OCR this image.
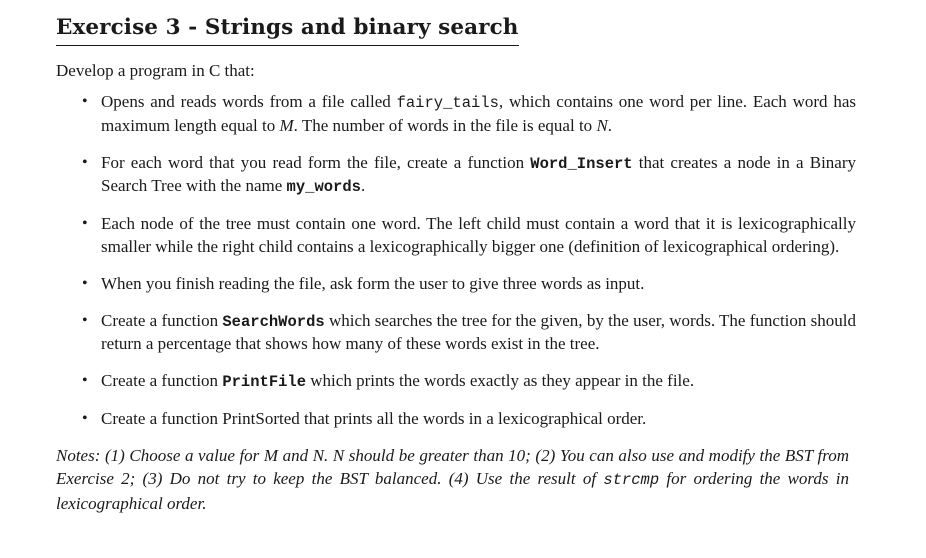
Exercise 3 - Strings and binary search
Develop a program in C that:
• Opens and reads words from a file called fairy_tails, which contains one word per line. Each word has maximum length equal to M. The number of words in the file is equal to N.
• For each word that you read form the file, create a function Word_Insert that creates a node in a Binary Search Tree with the name my_words.
• Each node of the tree must contain one word. The left child must contain a word that it is lexicographically smaller while the right child contains a lexicographically bigger one (definition of lexicographical ordering).
• When you finish reading the file, ask form the user to give three words as input.
• Create a function SearchWords which searches the tree for the given, by the user, words. The function should return a percentage that shows how many of these words exist in the tree.
• Create a function PrintFile which prints the words exactly as they appear in the file.
• Create a function PrintSorted that prints all the words in a lexicographical order.
Notes: (1) Choose a value for M and N. N should be greater than 10; (2) You can also use and modify the BST from Exercise 2; (3) Do not try to keep the BST balanced. (4) Use the result of strcmp for ordering the words in lexicographical order.
